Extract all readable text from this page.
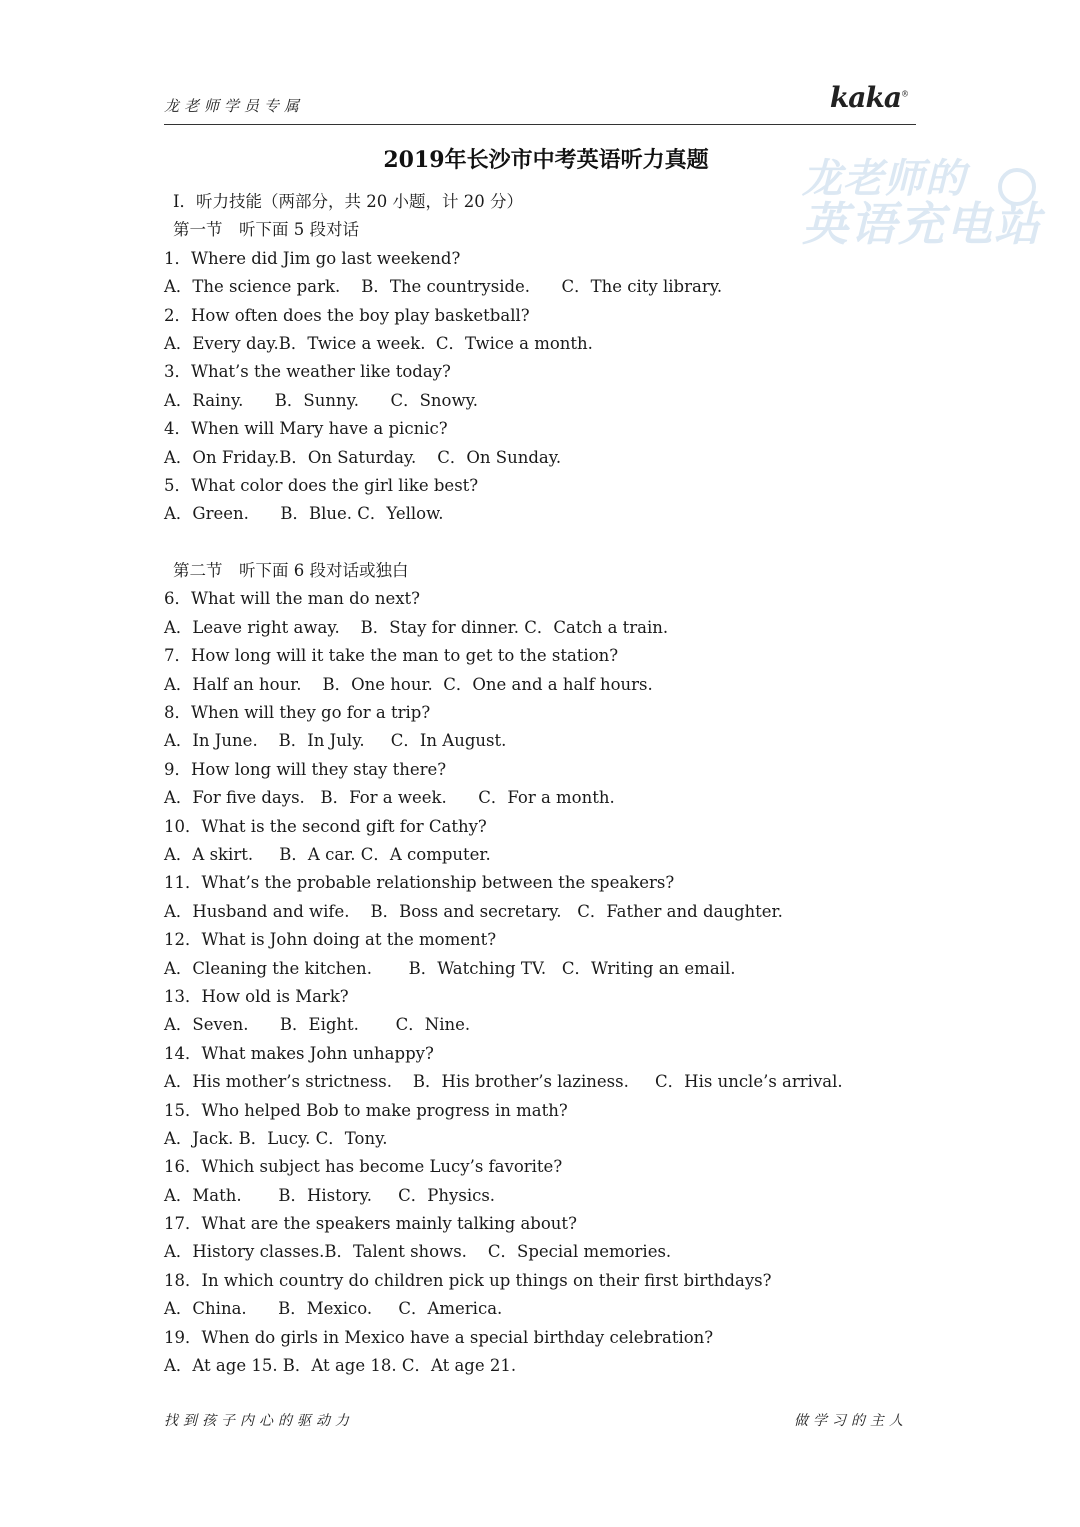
龙老师学员专属	kaka®
龙老师的
英语充电站
2019年长沙市中考英语听力真题
I．听力技能（两部分，共 20 小题，计 20 分）
第一节　听下面 5 段对话
1．Where did Jim go last weekend?
A．The science park.    B．The countryside.      C．The city library.
2．How often does the boy play basketball?
A．Every day.B．Twice a week.  C．Twice a month.
3．What’s the weather like today?
A．Rainy.      B．Sunny.      C．Snowy.
4．When will Mary have a picnic?
A．On Friday.B．On Saturday.    C．On Sunday.
5．What color does the girl like best?
A．Green.      B．Blue. C．Yellow.
第二节　听下面 6 段对话或独白
6．What will the man do next?
A．Leave right away.    B．Stay for dinner. C．Catch a train.
7．How long will it take the man to get to the station?
A．Half an hour.    B．One hour.  C．One and a half hours.
8．When will they go for a trip?
A．In June.    B．In July.     C．In August.
9．How long will they stay there?
A．For five days.   B．For a week.      C．For a month.
10．What is the second gift for Cathy?
A．A skirt.     B．A car. C．A computer.
11．What’s the probable relationship between the speakers?
A．Husband and wife.    B．Boss and secretary.   C．Father and daughter.
12．What is John doing at the moment?
A．Cleaning the kitchen.       B．Watching TV.   C．Writing an email.
13．How old is Mark?
A．Seven.      B．Eight.       C．Nine.
14．What makes John unhappy?
A．His mother’s strictness.    B．His brother’s laziness.     C．His uncle’s arrival.
15．Who helped Bob to make progress in math?
A．Jack. B．Lucy. C．Tony.
16．Which subject has become Lucy’s favorite?
A．Math.       B．History.     C．Physics.
17．What are the speakers mainly talking about?
A．History classes.B．Talent shows.    C．Special memories.
18．In which country do children pick up things on their first birthdays?
A．China.      B．Mexico.     C．America.
19．When do girls in Mexico have a special birthday celebration?
A．At age 15. B．At age 18. C．At age 21.
找到孩子内心的驱动力	做学习的主人
